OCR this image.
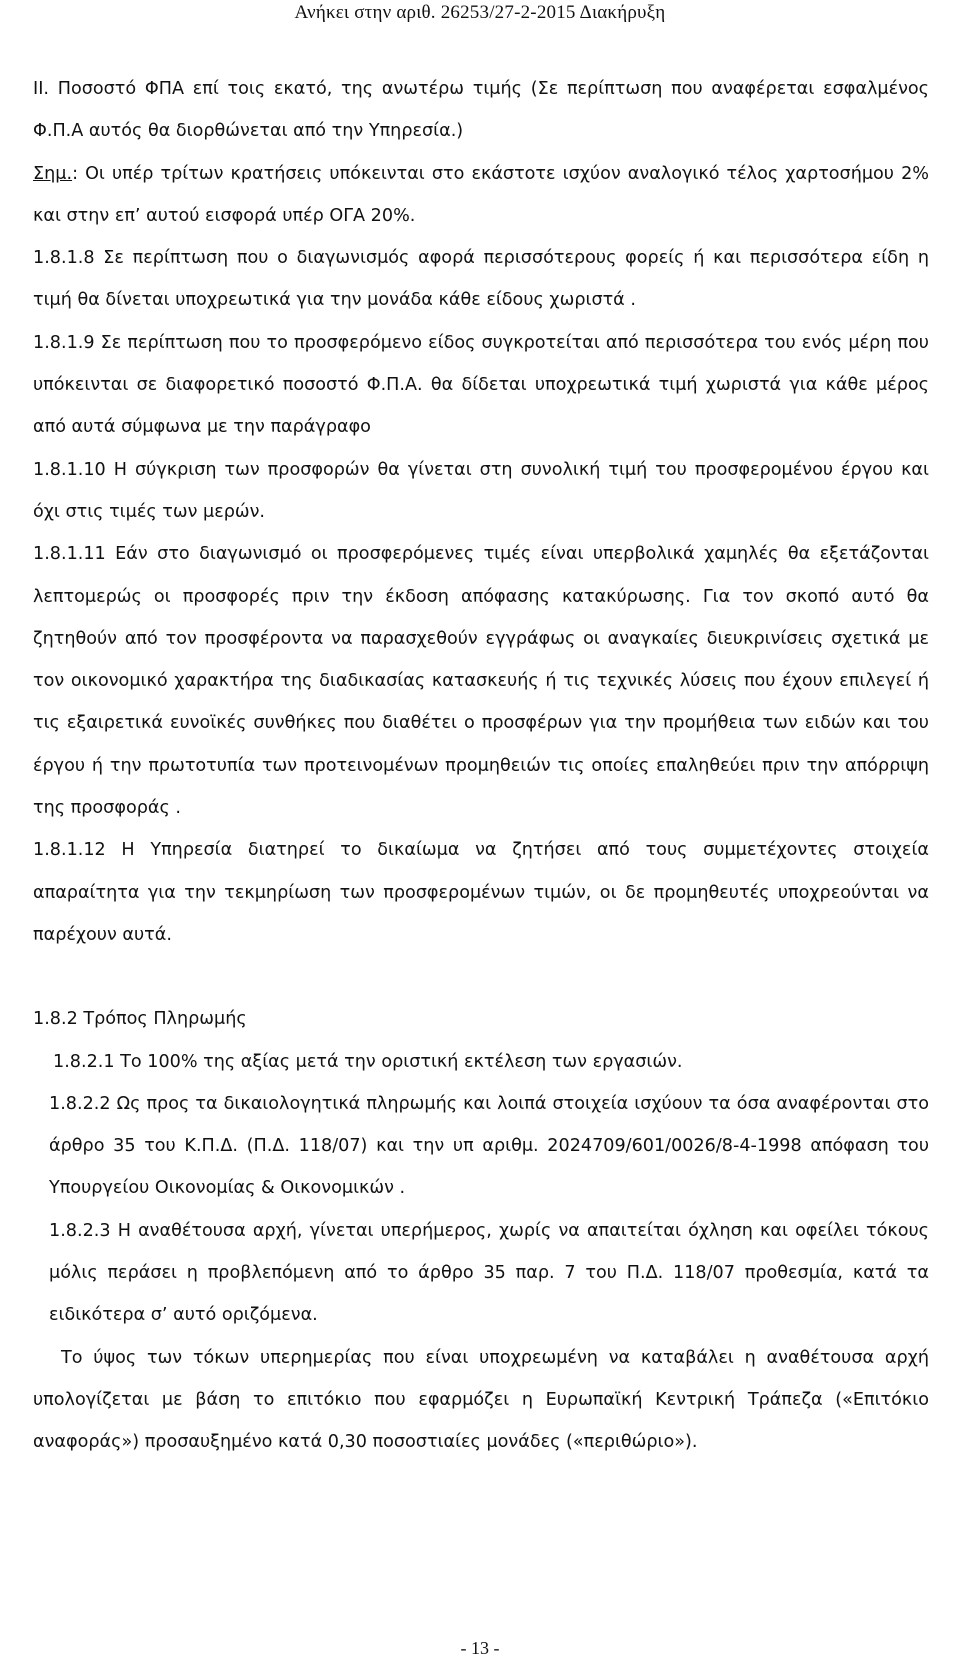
Ανήκει στην αριθ. 26253/27-2-2015 Διακήρυξη

ΙΙ. Ποσοστό ΦΠΑ επί τοις εκατό, της ανωτέρω τιμής (Σε περίπτωση που αναφέρεται εσφαλμένος Φ.Π.Α αυτός θα διορθώνεται από την Υπηρεσία.)

Σημ.: Οι υπέρ τρίτων κρατήσεις υπόκεινται στο εκάστοτε ισχύον αναλογικό τέλος χαρτοσήμου 2% και στην επ’ αυτού εισφορά υπέρ ΟΓΑ 20%.

1.8.1.8 Σε περίπτωση που ο διαγωνισμός αφορά περισσότερους φορείς ή και περισσότερα είδη η τιμή θα δίνεται υποχρεωτικά για την μονάδα κάθε είδους χωριστά .

1.8.1.9 Σε περίπτωση που το προσφερόμενο είδος συγκροτείται από περισσότερα του ενός μέρη που υπόκεινται σε διαφορετικό ποσοστό Φ.Π.Α. θα δίδεται υποχρεωτικά τιμή χωριστά για κάθε μέρος από αυτά σύμφωνα με την παράγραφο

1.8.1.10 Η σύγκριση των προσφορών θα γίνεται στη συνολική τιμή του προσφερομένου έργου και όχι στις τιμές των μερών.

1.8.1.11 Εάν στο διαγωνισμό οι προσφερόμενες τιμές είναι υπερβολικά χαμηλές θα εξετάζονται λεπτομερώς οι προσφορές πριν την έκδοση απόφασης κατακύρωσης. Για τον σκοπό αυτό θα ζητηθούν από τον προσφέροντα να παρασχεθούν εγγράφως οι αναγκαίες διευκρινίσεις σχετικά με τον οικονομικό χαρακτήρα της διαδικασίας κατασκευής ή τις τεχνικές λύσεις που έχουν επιλεγεί ή τις εξαιρετικά ευνοϊκές συνθήκες που διαθέτει ο προσφέρων για την προμήθεια των ειδών και του έργου ή την πρωτοτυπία των προτεινομένων προμηθειών τις οποίες επαληθεύει πριν την απόρριψη της προσφοράς .

1.8.1.12 Η Υπηρεσία διατηρεί το δικαίωμα να ζητήσει από τους συμμετέχοντες στοιχεία απαραίτητα για την τεκμηρίωση των προσφερομένων τιμών, οι δε προμηθευτές υποχρεούνται να παρέχουν αυτά.

1.8.2 Τρόπος Πληρωμής

1.8.2.1 Το 100% της αξίας μετά την οριστική εκτέλεση των εργασιών.

1.8.2.2 Ως προς τα δικαιολογητικά πληρωμής και λοιπά στοιχεία ισχύουν τα όσα αναφέρονται στο άρθρο 35 του Κ.Π.Δ. (Π.Δ. 118/07) και την υπ αριθμ. 2024709/601/0026/8-4-1998 απόφαση του Υπουργείου Οικονομίας & Οικονομικών .

1.8.2.3 Η αναθέτουσα αρχή, γίνεται υπερήμερος, χωρίς να απαιτείται όχληση και οφείλει τόκους μόλις περάσει η προβλεπόμενη από το άρθρο 35 παρ. 7 του Π.Δ. 118/07 προθεσμία, κατά τα ειδικότερα σ’ αυτό οριζόμενα.

Το ύψος των τόκων υπερημερίας που είναι υποχρεωμένη να καταβάλει η αναθέτουσα αρχή υπολογίζεται με βάση το επιτόκιο που εφαρμόζει η Ευρωπαϊκή Κεντρική Τράπεζα («Επιτόκιο αναφοράς») προσαυξημένο κατά 0,30 ποσοστιαίες μονάδες («περιθώριο»).

- 13 -
